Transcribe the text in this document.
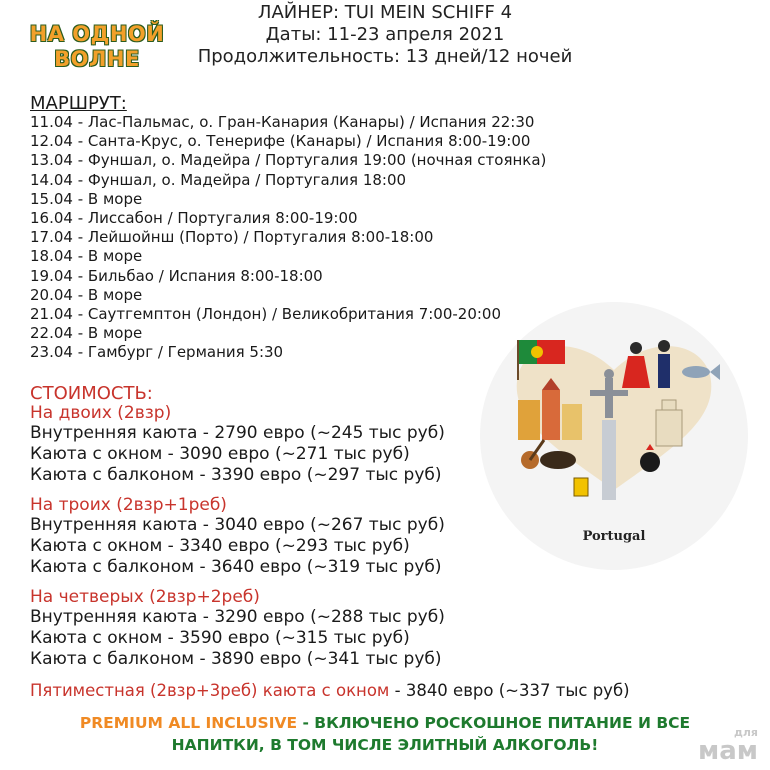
НА ОДНОЙ
ВОЛНЕ
ЛАЙНЕР: TUI MEIN SCHIFF 4
Даты: 11-23 апреля 2021
Продолжительность: 13 дней/12 ночей
МАРШРУТ:
11.04 - Лас-Пальмас, о. Гран-Канария (Канары) / Испания 22:30
12.04 - Санта-Крус, о. Тенерифе (Канары) / Испания 8:00-19:00
13.04 - Фуншал, о. Мадейра / Португалия 19:00 (ночная стоянка)
14.04 - Фуншал, о. Мадейра / Португалия 18:00
15.04 - В море
16.04 - Лиссабон / Португалия 8:00-19:00
17.04 - Лейшойнш (Порто) / Португалия 8:00-18:00
18.04 - В море
19.04 - Бильбао / Испания 8:00-18:00
20.04 - В море
21.04 - Саутгемптон (Лондон) / Великобритания 7:00-20:00
22.04 - В море
23.04 - Гамбург / Германия 5:30
СТОИМОСТЬ:
На двоих (2взр)
Внутренняя каюта - 2790 евро (~245 тыс руб)
Каюта с окном - 3090 евро (~271 тыс руб)
Каюта с балконом - 3390 евро (~297 тыс руб)
На троих (2взр+1реб)
Внутренняя каюта - 3040 евро (~267 тыс руб)
Каюта с окном - 3340 евро (~293 тыс руб)
Каюта с балконом - 3640 евро (~319 тыс руб)
На четверых (2взр+2реб)
Внутренняя каюта - 3290 евро (~288 тыс руб)
Каюта с окном - 3590 евро (~315 тыс руб)
Каюта с балконом - 3890 евро (~341 тыс руб)
Пятиместная (2взр+3реб) каюта с окном - 3840 евро (~337 тыс руб)
PREMIUM ALL INCLUSIVE - ВКЛЮЧЕНО РОСКОШНОЕ ПИТАНИЕ И ВСЕ
НАПИТКИ, В ТОМ ЧИСЛЕ ЭЛИТНЫЙ АЛКОГОЛЬ!
Portugal
для
мам
